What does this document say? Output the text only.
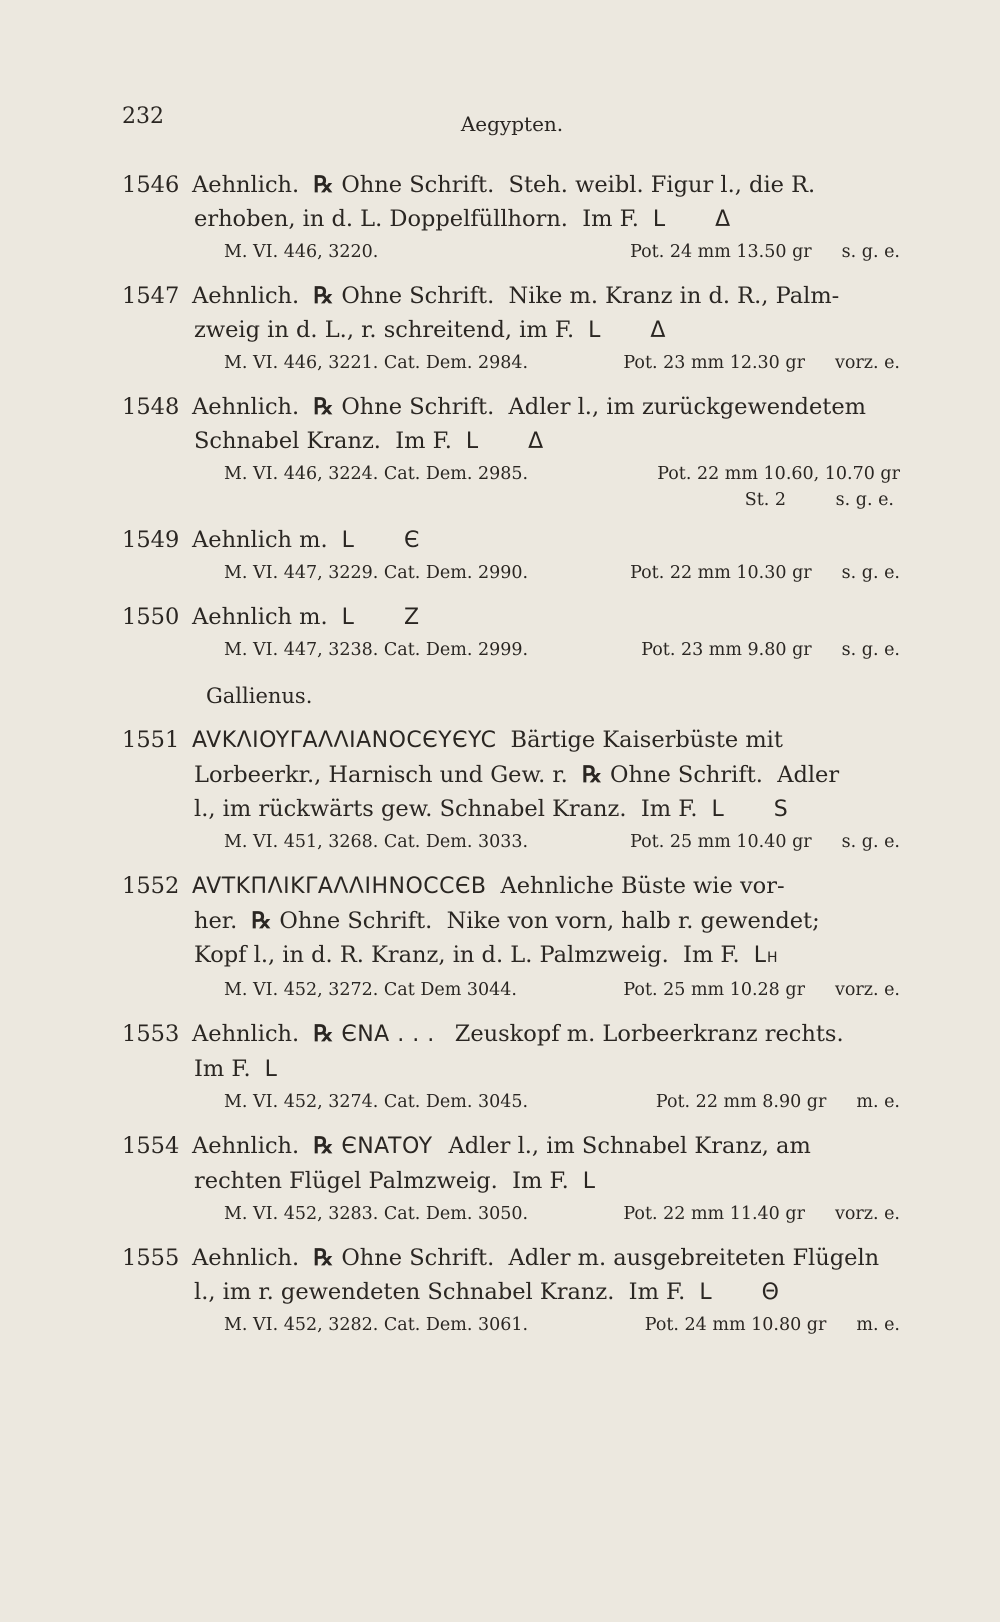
232	Aegypten.
1546 Aehnlich. ℞ Ohne Schrift.  Steh. weibl. Figur l., die R.
erhoben, in d. L. Doppelfüllhorn.  Im F. L Δ
M. VI. 446, 3220.	Pot. 24 mm 13.50 gr s. g. e.
1547 Aehnlich. ℞ Ohne Schrift.  Nike m. Kranz in d. R., Palm-
zweig in d. L., r. schreitend, im F. L Δ
M. VI. 446, 3221. Cat. Dem. 2984.	Pot. 23 mm 12.30 gr vorz. e.
1548 Aehnlich. ℞ Ohne Schrift.  Adler l., im zurückgewendetem
Schnabel Kranz.  Im F. L Δ
M. VI. 446, 3224. Cat. Dem. 2985.	Pot. 22 mm 10.60, 10.70 gr
St. 2	s. g. e.
1549 Aehnlich m. L Є
M. VI. 447, 3229. Cat. Dem. 2990.	Pot. 22 mm 10.30 gr s. g. e.
1550 Aehnlich m. L Z
M. VI. 447, 3238. Cat. Dem. 2999.	Pot. 23 mm 9.80 gr s. g. e.
Gallienus.
1551 AVKΛIOYΓAΛΛIANOCЄYЄYC Bärtige Kaiserbüste mit
Lorbeerkr., Harnisch und Gew. r. ℞ Ohne Schrift.  Adler
l., im rückwärts gew. Schnabel Kranz.  Im F. L S
M. VI. 451, 3268. Cat. Dem. 3033.	Pot. 25 mm 10.40 gr s. g. e.
1552 AVTKΠΛIKΓAΛΛIHNOCCЄB Aehnliche Büste wie vor-
her. ℞ Ohne Schrift.  Nike von vorn, halb r. gewendet;
Kopf l., in d. R. Kranz, in d. L. Palmzweig.  Im F. L H
M. VI. 452, 3272. Cat Dem 3044.	Pot. 25 mm 10.28 gr vorz. e.
1553 Aehnlich. ℞ ЄNA . . . Zeuskopf m. Lorbeerkranz rechts.
Im F. L
M. VI. 452, 3274. Cat. Dem. 3045.	Pot. 22 mm 8.90 gr m. e.
1554 Aehnlich. ℞ ЄNATOY Adler l., im Schnabel Kranz, am
rechten Flügel Palmzweig.  Im F. L
M. VI. 452, 3283. Cat. Dem. 3050.	Pot. 22 mm 11.40 gr vorz. e.
1555 Aehnlich. ℞ Ohne Schrift.  Adler m. ausgebreiteten Flügeln
l., im r. gewendeten Schnabel Kranz.  Im F. L Θ
M. VI. 452, 3282. Cat. Dem. 3061.	Pot. 24 mm 10.80 gr m. e.
